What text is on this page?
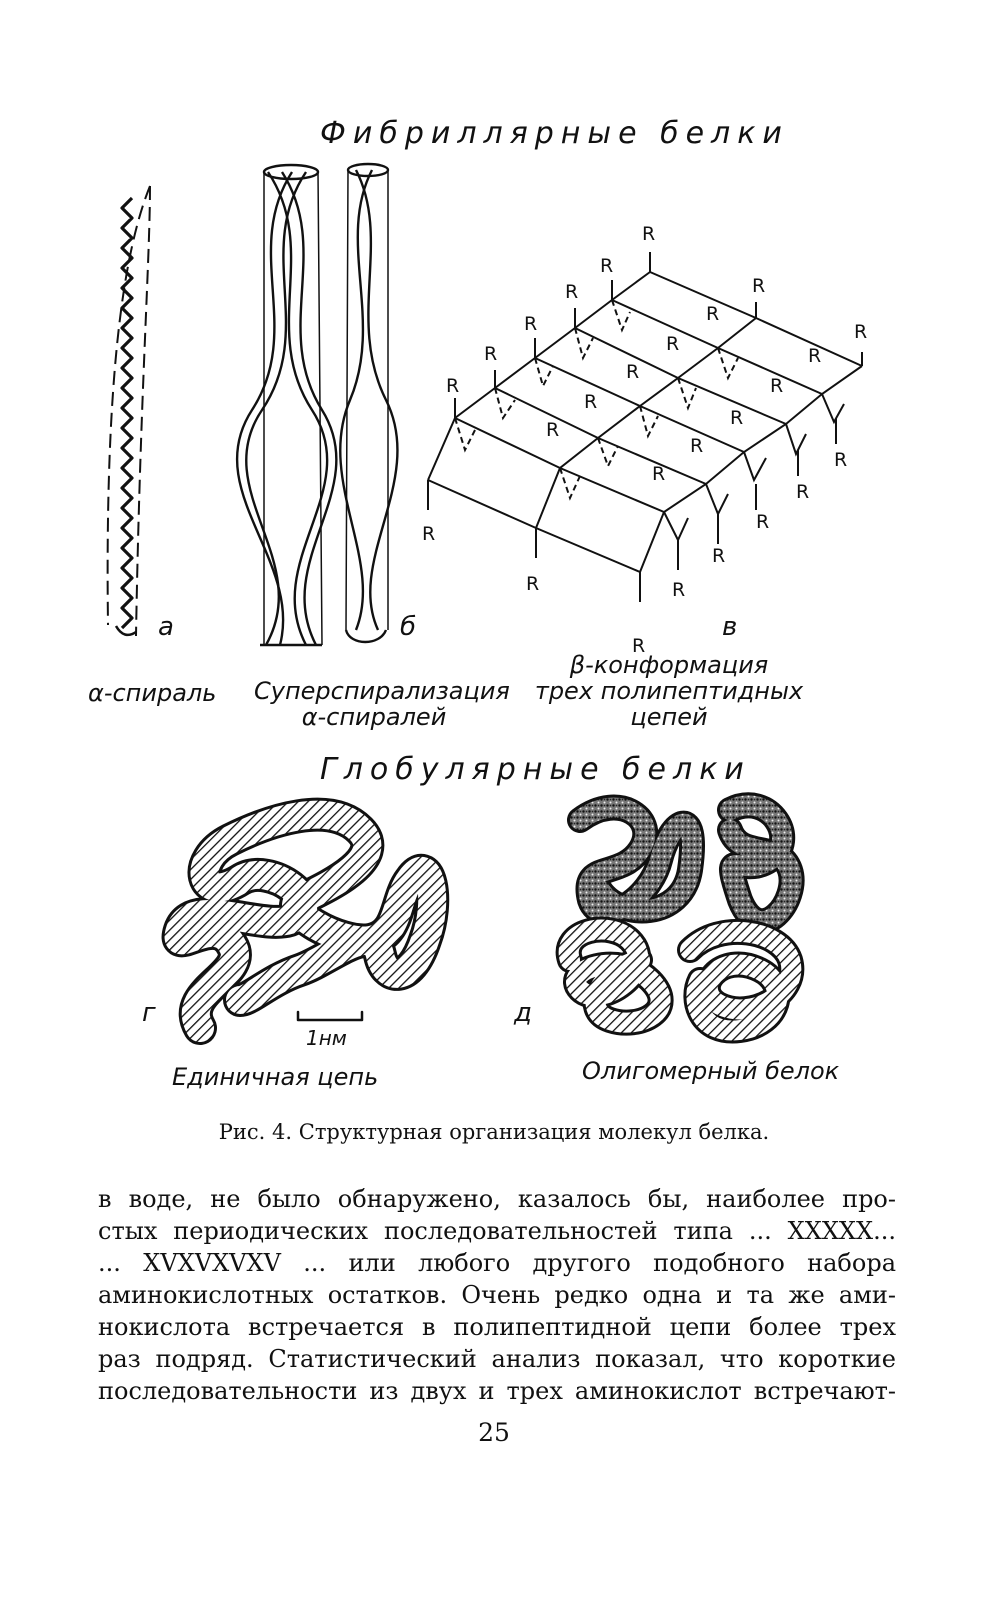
R
R
R
R
R
R
R
R
R
R
R
R
R
R
R
R
R
R
R
R
R
R
R
R
R
R
Фибриллярные белки
а	б	в
α-спираль Суперспирализация
α-спиралей
β-конформация
трех полипептидных
цепей
Глобулярные белки
г
1нм
д
Единичная цепь	Олигомерный белок
Рис. 4. Структурная организация молекул белка.
в воде, не было обнаружено, казалось бы, наиболее про-
стых периодических последовательностей типа ... XXXXX...
... XVXVXVXV ... или любого другого подобного набора
аминокислотных остатков. Очень редко одна и та же ами-
нокислота встречается в полипептидной цепи более трех
раз подряд. Статистический анализ показал, что короткие
последовательности из двух и трех аминокислот встречают-
25
